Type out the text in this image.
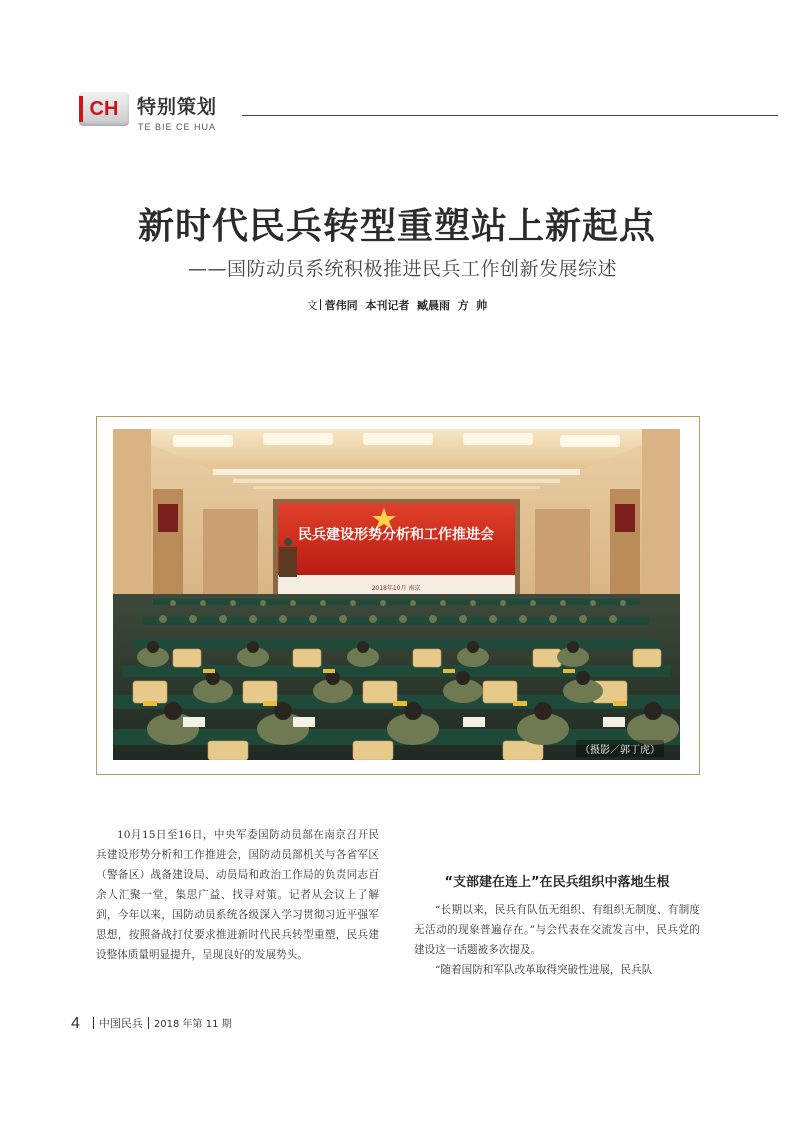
CH 特别策划
TE BIE CE HUA
新时代民兵转型重塑站上新起点
——国防动员系统积极推进民兵工作创新发展综述
文 菅伟同  本刊记者  臧晨雨  方  帅
民兵建设形势分析和工作推进会
2018年10月 南京
（摄影／郭丁虎）

10月15日至16日，中央军委国防动员部在南京召开民兵建设形势分析和工作推进会，国防动员部机关与各省军区（警备区）战备建设局、动员局和政治工作局的负责同志百余人汇聚一堂，集思广益、找寻对策。记者从会议上了解到，今年以来，国防动员系统各级深入学习贯彻习近平强军思想，按照备战打仗要求推进新时代民兵转型重塑，民兵建设整体质量明显提升，呈现良好的发展势头。

“支部建在连上”在民兵组织中落地生根

“长期以来，民兵有队伍无组织、有组织无制度、有制度无活动的现象普遍存在。”与会代表在交流发言中，民兵党的建设这一话题被多次提及。

“随着国防和军队改革取得突破性进展，民兵队

4 中国民兵 2018 年第 11 期
